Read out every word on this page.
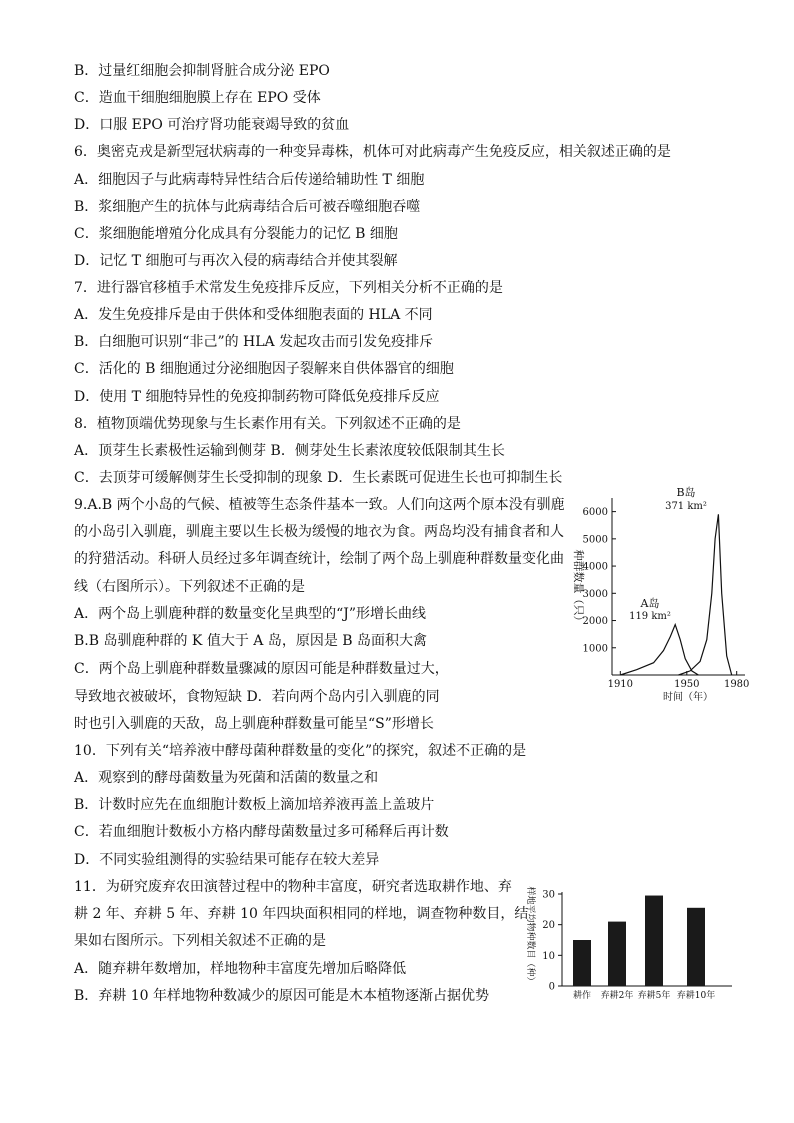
B．过量红细胞会抑制肾脏合成分泌 EPO
C．造血干细胞细胞膜上存在 EPO 受体
D．口服 EPO 可治疗肾功能衰竭导致的贫血
6．奥密克戎是新型冠状病毒的一种变异毒株，机体可对此病毒产生免疫反应，相关叙述正确的是
A．细胞因子与此病毒特异性结合后传递给辅助性 T 细胞
B．浆细胞产生的抗体与此病毒结合后可被吞噬细胞吞噬
C．浆细胞能增殖分化成具有分裂能力的记忆 B 细胞
D．记忆 T 细胞可与再次入侵的病毒结合并使其裂解
7．进行器官移植手术常发生免疫排斥反应，下列相关分析不正确的是
A．发生免疫排斥是由于供体和受体细胞表面的 HLA 不同
B．白细胞可识别“非己”的 HLA 发起攻击而引发免疫排斥
C．活化的 B 细胞通过分泌细胞因子裂解来自供体器官的细胞
D．使用 T 细胞特异性的免疫抑制药物可降低免疫排斥反应
8．植物顶端优势现象与生长素作用有关。下列叙述不正确的是
A．顶芽生长素极性运输到侧芽 B．侧芽处生长素浓度较低限制其生长
C．去顶芽可缓解侧芽生长受抑制的现象 D．生长素既可促进生长也可抑制生长
9.A.B 两个小岛的气候、植被等生态条件基本一致。人们向这两个原本没有驯鹿
的小岛引入驯鹿，驯鹿主要以生长极为缓慢的地衣为食。两岛均没有捕食者和人
的狩猎活动。科研人员经过多年调查统计，绘制了两个岛上驯鹿种群数量变化曲
线（右图所示）。下列叙述不正确的是
A．两个岛上驯鹿种群的数量变化呈典型的“J”形增长曲线
B.B 岛驯鹿种群的 K 值大于 A 岛，原因是 B 岛面积大禽
C．两个岛上驯鹿种群数量骤减的原因可能是种群数量过大，
导致地衣被破坏，食物短缺 D．若向两个岛内引入驯鹿的同
时也引入驯鹿的天敌，岛上驯鹿种群数量可能呈“S”形增长
10．下列有关“培养液中酵母菌种群数量的变化”的探究，叙述不正确的是
A．观察到的酵母菌数量为死菌和活菌的数量之和
B．计数时应先在血细胞计数板上滴加培养液再盖上盖玻片
C．若血细胞计数板小方格内酵母菌数量过多可稀释后再计数
D．不同实验组测得的实验结果可能存在较大差异
11．为研究废弃农田演替过程中的物种丰富度，研究者选取耕作地、弃
耕 2 年、弃耕 5 年、弃耕 10 年四块面积相同的样地，调查物种数目，结
果如右图所示。下列相关叙述不正确的是
A．随弃耕年数增加，样地物种丰富度先增加后略降低
B．弃耕 10 年样地物种数减少的原因可能是木本植物逐渐占据优势
种群数量（只）
1000
2000
3000
4000
5000
6000
1910	1950 1980
时间（年）
A岛
119 km²
B岛
371 km²
样地平均物种数目（种）
0
10
20
30
耕作 弃耕2年 弃耕5年 弃耕10年
